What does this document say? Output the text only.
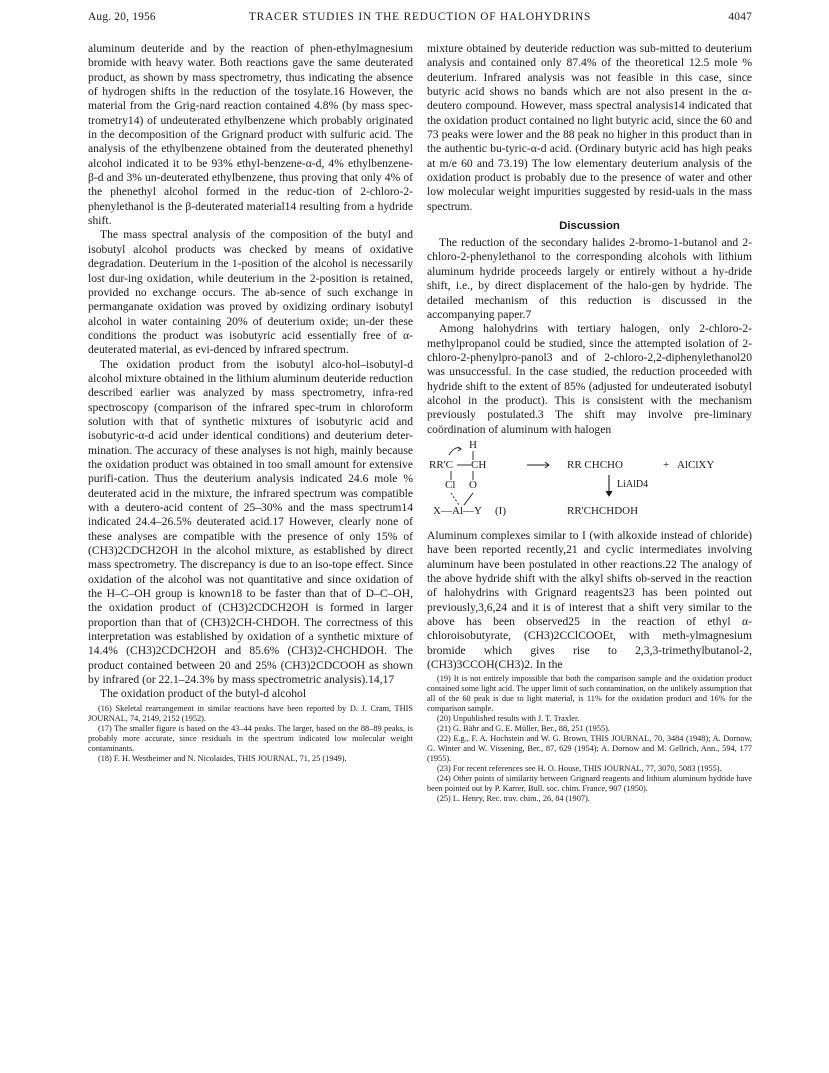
Aug. 20, 1956	TRACER STUDIES IN THE REDUCTION OF HALOHYDRINS	4047

aluminum deuteride and by the reaction of phen-ethylmagnesium bromide with heavy water. Both reactions gave the same deuterated product, as shown by mass spectrometry, thus indicating the absence of hydrogen shifts in the reduction of the tosylate.16 However, the material from the Grig-nard reaction contained 4.8% (by mass spec-trometry14) of undeuterated ethylbenzene which probably originated in the decomposition of the Grignard product with sulfuric acid. The analysis of the ethylbenzene obtained from the deuterated phenethyl alcohol indicated it to be 93% ethyl-benzene-α-d, 4% ethylbenzene-β-d and 3% un-deuterated ethylbenzene, thus proving that only 4% of the phenethyl alcohol formed in the reduc-tion of 2-chloro-2-phenylethanol is the β-deuterated material14 resulting from a hydride shift.

The mass spectral analysis of the composition of the butyl and isobutyl alcohol products was checked by means of oxidative degradation. Deuterium in the 1-position of the alcohol is necessarily lost dur-ing oxidation, while deuterium in the 2-position is retained, provided no exchange occurs. The ab-sence of such exchange in permanganate oxidation was proved by oxidizing ordinary isobutyl alcohol in water containing 20% of deuterium oxide; un-der these conditions the product was isobutyric acid essentially free of α-deuterated material, as evi-denced by infrared spectrum.

The oxidation product from the isobutyl alco-hol–isobutyl-d alcohol mixture obtained in the lithium aluminum deuteride reduction described earlier was analyzed by mass spectrometry, infra-red spectroscopy (comparison of the infrared spec-trum in chloroform solution with that of synthetic mixtures of isobutyric acid and isobutyric-α-d acid under identical conditions) and deuterium deter-mination. The accuracy of these analyses is not high, mainly because the oxidation product was obtained in too small amount for extensive purifi-cation. Thus the deuterium analysis indicated 24.6 mole % deuterated acid in the mixture, the infrared spectrum was compatible with a deutero-acid content of 25–30% and the mass spectrum14 indicated 24.4–26.5% deuterated acid.17 However, clearly none of these analyses are compatible with the presence of only 15% of (CH3)2CDCH2OH in the alcohol mixture, as established by direct mass spectrometry. The discrepancy is due to an iso-tope effect. Since oxidation of the alcohol was not quantitative and since oxidation of the H–C–OH group is known18 to be faster than that of D–C–OH, the oxidation product of (CH3)2CDCH2OH is formed in larger proportion than that of (CH3)2CH-CHDOH. The correctness of this interpretation was established by oxidation of a synthetic mixture of 14.4% (CH3)2CDCH2OH and 85.6% (CH3)2-CHCHDOH. The product contained between 20 and 25% (CH3)2CDCOOH as shown by infrared (or 22.1–24.3% by mass spectrometric analysis).14,17

The oxidation product of the butyl-d alcohol

(16) Skeletal rearrangement in similar reactions have been reported by D. J. Cram, THIS JOURNAL, 74, 2149, 2152 (1952).

(17) The smaller figure is based on the 43–44 peaks. The larger, based on the 88–89 peaks, is probably more accurate, since residuals in the spectrum indicated low molecular weight contaminants.

(18) F. H. Westheimer and N. Nicolaides, THIS JOURNAL, 71, 25 (1949).

mixture obtained by deuteride reduction was sub-mitted to deuterium analysis and contained only 87.4% of the theoretical 12.5 mole % deuterium. Infrared analysis was not feasible in this case, since butyric acid shows no bands which are not also present in the α-deutero compound. However, mass spectral analysis14 indicated that the oxidation product contained no light butyric acid, since the 60 and 73 peaks were lower and the 88 peak no higher in this product than in the authentic bu-tyric-α-d acid. (Ordinary butyric acid has high peaks at m/e 60 and 73.19) The low elementary deuterium analysis of the oxidation product is probably due to the presence of water and other low molecular weight impurities suggested by resid-uals in the mass spectrum.

Discussion

The reduction of the secondary halides 2-bromo-1-butanol and 2-chloro-2-phenylethanol to the corresponding alcohols with lithium aluminum hydride proceeds largely or entirely without a hy-dride shift, i.e., by direct displacement of the halo-gen by hydride. The detailed mechanism of this reduction is discussed in the accompanying paper.7

Among halohydrins with tertiary halogen, only 2-chloro-2-methylpropanol could be studied, since the attempted isolation of 2-chloro-2-phenylpro-panol3 and of 2-chloro-2,2-diphenylethanol20 was unsuccessful. In the case studied, the reduction proceeded with hydride shift to the extent of 85% (adjusted for undeuterated isobutyl alcohol in the product). This is consistent with the mechanism previously postulated.3 The shift may involve pre-liminary coördination of aluminum with halogen

H
RR'C CH
Cl O
X—Al—Y (I)
RR CHCHO	+ AlClXY
LiAlD4
RR'CHCHDOH

Aluminum complexes similar to I (with alkoxide instead of chloride) have been reported recently,21 and cyclic intermediates involving aluminum have been postulated in other reactions.22 The analogy of the above hydride shift with the alkyl shifts ob-served in the reaction of halohydrins with Grignard reagents23 has been pointed out previously,3,6,24 and it is of interest that a shift very similar to the above has been observed25 in the reaction of ethyl α-chloroisobutyrate, (CH3)2CClCOOEt, with meth-ylmagnesium bromide which gives rise to 2,3,3-trimethylbutanol-2, (CH3)3CCOH(CH3)2. In the

(19) It is not entirely impossible that both the comparison sample and the oxidation product contained some light acid. The upper limit of such contamination, on the unlikely assumption that all of the 60 peak is due to light material, is 11% for the oxidation product and 16% for the comparison sample.

(20) Unpublished results with J. T. Traxler.

(21) G. Bähr and G. E. Müller, Ber., 88, 251 (1955).

(22) E.g., F. A. Hochstein and W. G. Brown, THIS JOURNAL, 70, 3484 (1948); A. Dornow, G. Winter and W. Vissening, Ber., 87, 629 (1954); A. Dornow and M. Gellrich, Ann., 594, 177 (1955).

(23) For recent references see H. O. House, THIS JOURNAL, 77, 3070, 5083 (1955).

(24) Other points of similarity between Grignard reagents and lithium aluminum hydride have been pointed out by P. Karrer, Bull. soc. chim. France, 907 (1950).

(25) L. Henry, Rec. trav. chim., 26, 84 (1907).
